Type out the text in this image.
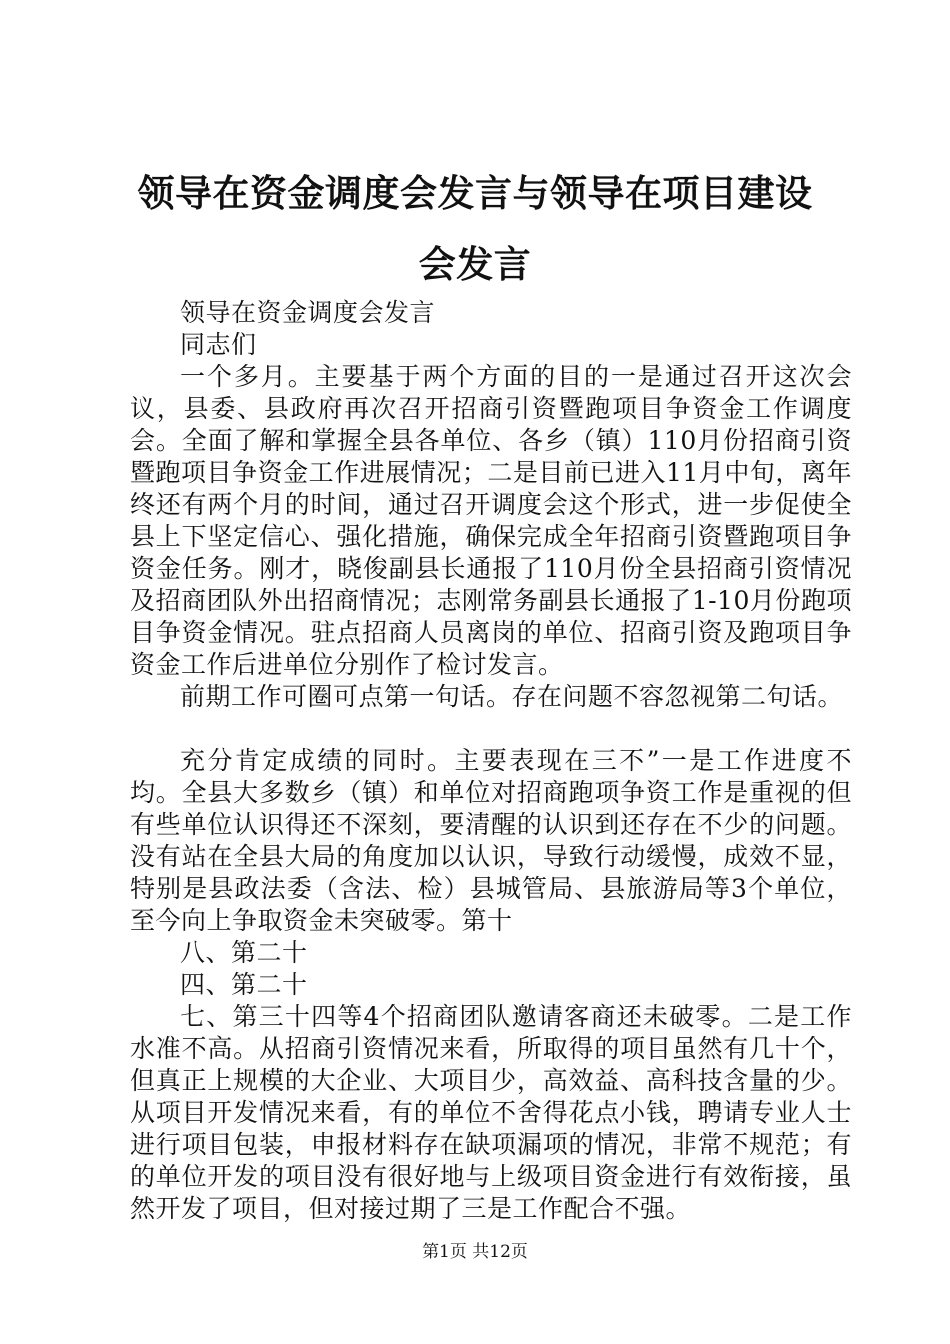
领导在资金调度会发言与领导在项目建设会发言

领导在资金调度会发言

同志们

一个多月。主要基于两个方面的目的一是通过召开这次会议，县委、县政府再次召开招商引资暨跑项目争资金工作调度会。全面了解和掌握全县各单位、各乡（镇）110月份招商引资暨跑项目争资金工作进展情况；二是目前已进入11月中旬，离年终还有两个月的时间，通过召开调度会这个形式，进一步促使全县上下坚定信心、强化措施，确保完成全年招商引资暨跑项目争资金任务。刚才，晓俊副县长通报了110月份全县招商引资情况及招商团队外出招商情况；志刚常务副县长通报了1-10月份跑项目争资金情况。驻点招商人员离岗的单位、招商引资及跑项目争资金工作后进单位分别作了检讨发言。

前期工作可圈可点第一句话。存在问题不容忽视第二句话。

充分肯定成绩的同时。主要表现在三不”一是工作进度不均。全县大多数乡（镇）和单位对招商跑项争资工作是重视的但有些单位认识得还不深刻，要清醒的认识到还存在不少的问题。没有站在全县大局的角度加以认识，导致行动缓慢，成效不显，特别是县政法委（含法、检）县城管局、县旅游局等3个单位，至今向上争取资金未突破零。第十

八、第二十

四、第二十

七、第三十四等4个招商团队邀请客商还未破零。二是工作水准不高。从招商引资情况来看，所取得的项目虽然有几十个，但真正上规模的大企业、大项目少，高效益、高科技含量的少。从项目开发情况来看，有的单位不舍得花点小钱，聘请专业人士进行项目包装，申报材料存在缺项漏项的情况，非常不规范；有的单位开发的项目没有很好地与上级项目资金进行有效衔接，虽然开发了项目，但对接过期了三是工作配合不强。

第1页 共12页
